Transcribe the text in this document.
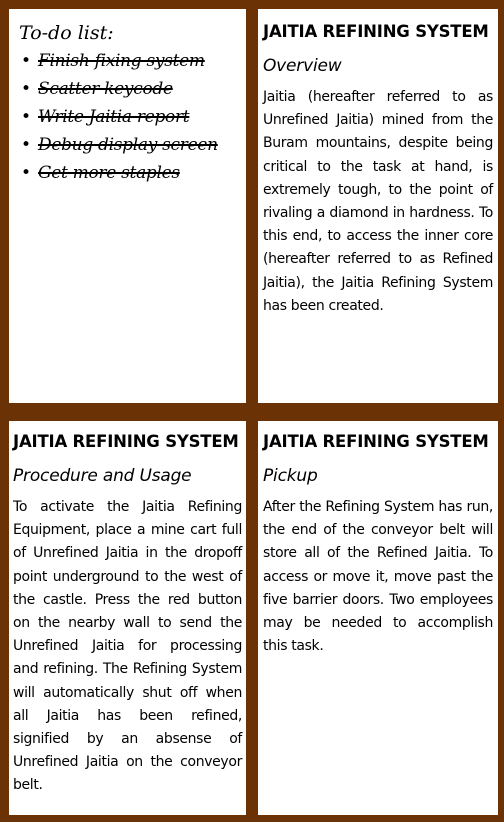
To-do list:
• Finish fixing system
• Scatter keycode
• Write Jaitia report
• Debug display screen
• Get more staples
JAITIA REFINING SYSTEM
Overview

Jaitia (hereafter referred to as Unrefined Jaitia) mined from the Buram mountains, despite being critical to the task at hand, is extremely tough, to the point of rivaling a diamond in hardness. To this end, to access the inner core (hereafter referred to as Refined Jaitia), the Jaitia Refining System has been created.

JAITIA REFINING SYSTEM
Procedure and Usage

To activate the Jaitia Refining Equipment, place a mine cart full of Unrefined Jaitia in the dropoff point underground to the west of the castle. Press the red button on the nearby wall to send the Unrefined Jaitia for processing and refining. The Refining System will automatically shut off when all Jaitia has been refined, signified by an absense of Unrefined Jaitia on the conveyor belt.

JAITIA REFINING SYSTEM
Pickup

After the Refining System has run, the end of the conveyor belt will store all of the Refined Jaitia. To access or move it, move past the five barrier doors. Two employees may be needed to accomplish this task.
